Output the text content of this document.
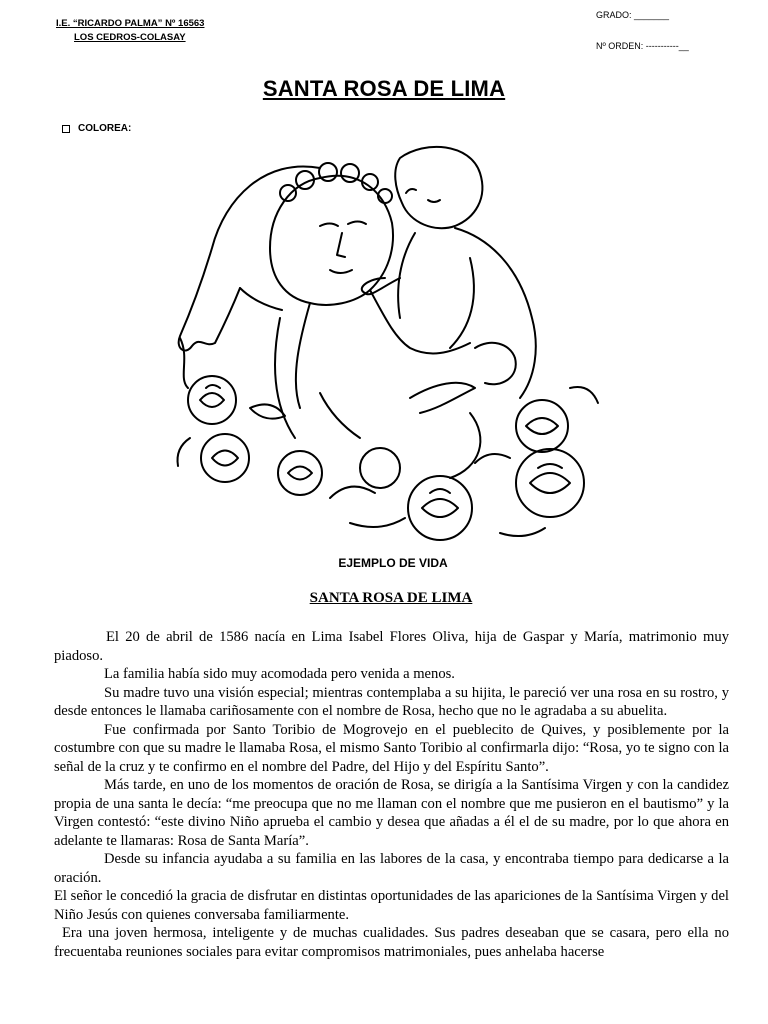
I.E. “RICARDO PALMA” Nº 16563
LOS CEDROS-COLASAY
GRADO: _______
Nº ORDEN: -----------__
SANTA ROSA DE LIMA
COLOREA:
EJEMPLO DE VIDA
SANTA ROSA DE LIMA

El 20 de abril de 1586 nacía en Lima Isabel Flores Oliva, hija de Gaspar y María, matrimonio muy piadoso.

La familia había sido muy acomodada pero venida a menos.

Su madre tuvo una visión especial; mientras contemplaba a su hijita, le pareció ver una rosa en su rostro, y desde entonces le llamaba cariñosamente con el nombre de Rosa, hecho que no le agradaba a su abuelita.

Fue confirmada por Santo Toribio de Mogrovejo en el pueblecito de Quives, y posiblemente por la costumbre con que su madre le llamaba Rosa, el mismo Santo Toribio al confirmarla dijo: “Rosa, yo te signo con la señal de la cruz y te confirmo en el nombre del Padre, del Hijo y del Espíritu Santo”.

Más tarde, en uno de los momentos de oración de Rosa, se dirigía a la Santísima Virgen y con la candidez propia de una santa le decía: “me preocupa que no me llaman con el nombre que me pusieron en el bautismo” y la Virgen contestó: “este divino Niño aprueba el cambio y desea que añadas a él el de su madre, por lo que ahora en adelante te llamaras: Rosa de Santa María”.

Desde su infancia ayudaba a su familia en las labores de la casa, y encontraba tiempo para dedicarse a la oración.

El señor le concedió la gracia de disfrutar en distintas oportunidades de las apariciones de la Santísima Virgen y del Niño Jesús con quienes conversaba familiarmente.

Era una joven hermosa, inteligente y de muchas cualidades. Sus padres deseaban que se casara, pero ella no frecuentaba reuniones sociales para evitar compromisos matrimoniales, pues anhelaba hacerse
